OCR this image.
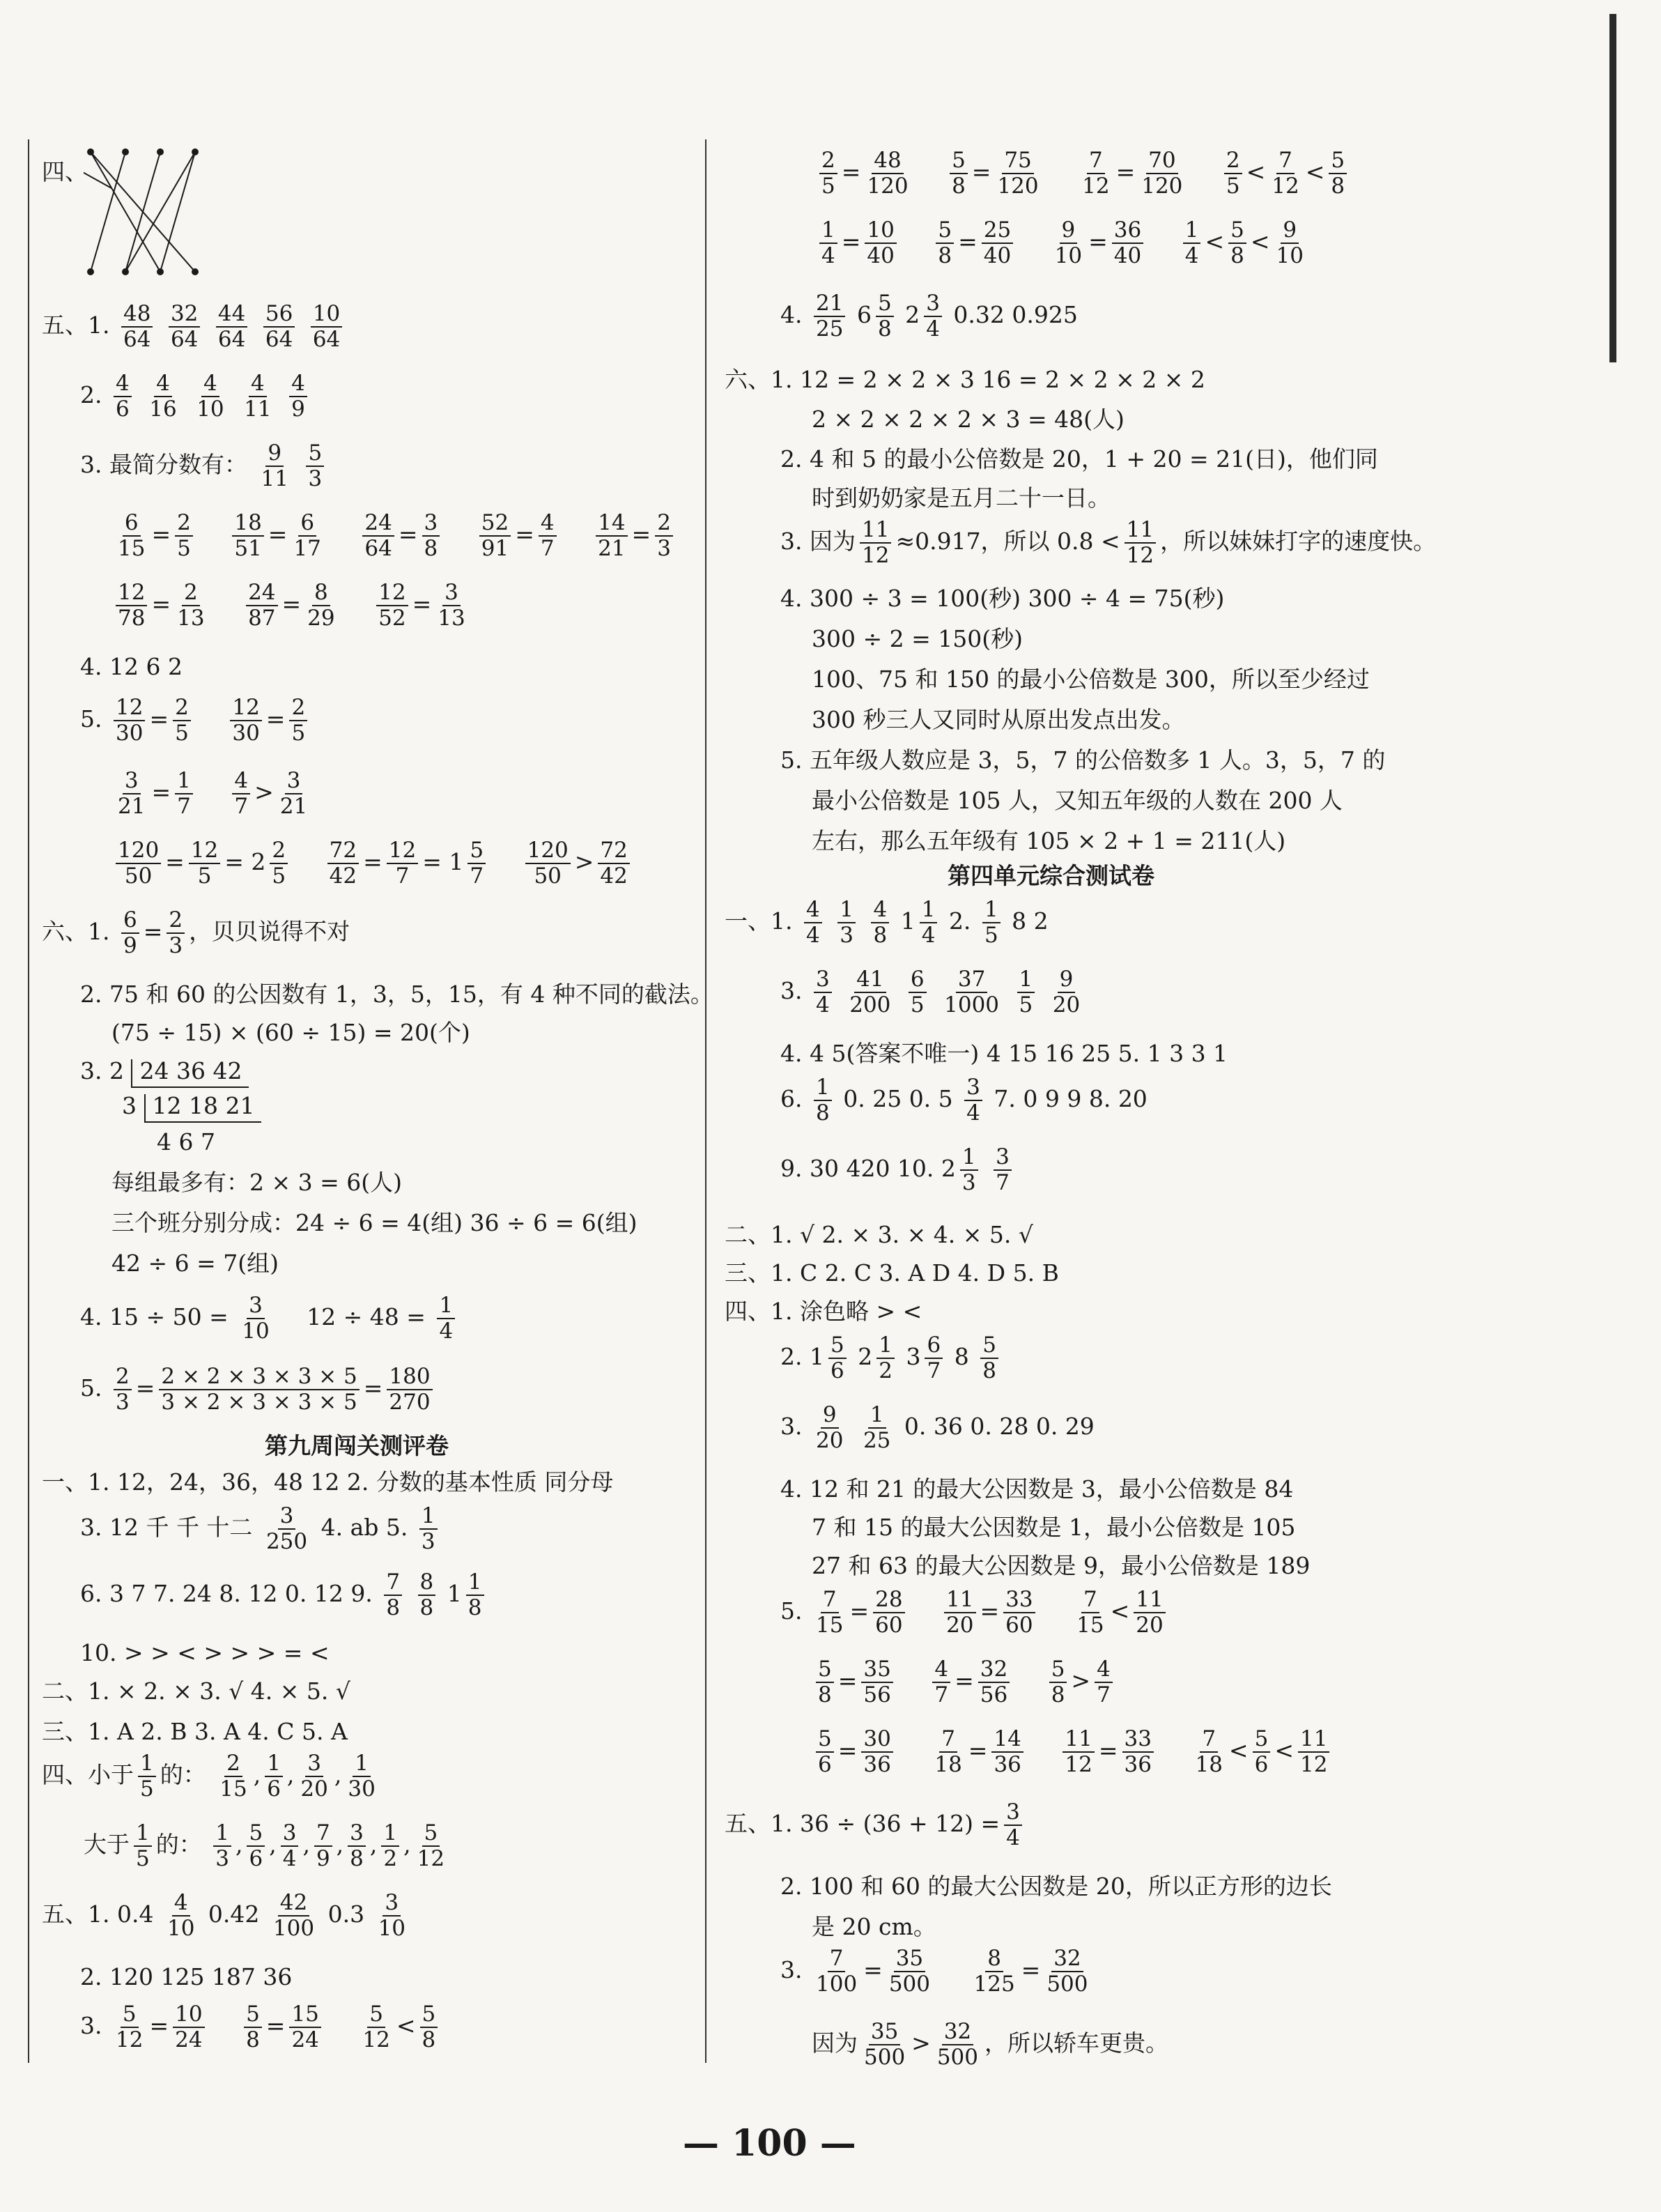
四、
五、1. $\frac{48}{64}$
$\frac{32}{64}$
$\frac{44}{64}$
$\frac{56}{64}$
$\frac{10}{64}$
2. $\frac{4}{6}$
$\frac{4}{16}$
$\frac{4}{10}$
$\frac{4}{11}$
$\frac{4}{9}$
3. 最简分数有： $\frac{9}{11}$
$\frac{5}{3}$
$\frac{6}{15} = \frac{2}{5}$
$\frac{18}{51} = \frac{6}{17}$
$\frac{24}{64} = \frac{3}{8}$
$\frac{52}{91} = \frac{4}{7}$
$\frac{14}{21} = \frac{2}{3}$
$\frac{12}{78} = \frac{2}{13}$
$\frac{24}{87} = \frac{8}{29}$
$\frac{12}{52} = \frac{3}{13}$
4. 12 6 2
5. $\frac{12}{30} = \frac{2}{5}$
$\frac{12}{30} = \frac{2}{5}$
$\frac{3}{21} = \frac{1}{7}$
$\frac{4}{7} > \frac{3}{21}$
$\frac{120}{50} = \frac{12}{5} = 2 \frac{2}{5}$
$\frac{72}{42} = \frac{12}{7} = 1 \frac{5}{7}$
$\frac{120}{50} > \frac{72}{42}$
六、1. $\frac{6}{9} = \frac{2}{3}$ ，贝贝说得不对
2. 75 和 60 的公因数有 1，3，5，15，有 4 种不同的截法。
(75 ÷ 15) × (60 ÷ 15) = 20(个)
3. 2 24 36 42
3 12 18 21
4 6 7
每组最多有：2 × 3 = 6(人)
三个班分别分成：24 ÷ 6 = 4(组) 36 ÷ 6 = 6(组)
42 ÷ 6 = 7(组)
4. $15 \div 50 = \frac{3}{10} 12 \div 48 = \frac{1}{4}$
5. $\frac{2}{3} = \frac{2 \times 2 \times 3 \times 3 \times 5}{3 \times 2 \times 3 \times 3 \times 5} = \frac{180}{270}$
第九周闯关测评卷
一、1. 12，24，36，48 12 2. 分数的基本性质 同分母
3. 12 千 千 十二 $\frac{3}{250} 4$. ab 5. $\frac{1}{3}$
6. 3 7 7. 24 8. 12 0. 12 9. $\frac{7}{8}$
$\frac{8}{8} 1 \frac{1}{8}$
10. > > < > > > = <
二、1. × 2. × 3. √ 4. × 5. √
三、1. A 2. B 3. A 4. C 5. A
四、小于 $\frac{1}{5}$ 的： $\frac{2}{15}$ , $\frac{1}{6}$ , $\frac{3}{20}$ , $\frac{1}{30}$
大于 $\frac{1}{5}$ 的： $\frac{1}{3}$ , $\frac{5}{6}$ , $\frac{3}{4}$ , $\frac{7}{9}$ , $\frac{3}{8}$ , $\frac{1}{2}$ , $\frac{5}{12}$
五、1. $0.4 \frac{4}{10} 0.42 \frac{42}{100} 0.3 \frac{3}{10}$
2. 120 125 187 36
3. $\frac{5}{12} = \frac{10}{24}$
$\frac{5}{8} = \frac{15}{24}$
$\frac{5}{12} < \frac{5}{8}$
$\frac{2}{5} = \frac{48}{120}$
$\frac{5}{8} = \frac{75}{120}$
$\frac{7}{12} = \frac{70}{120}$
$\frac{2}{5} < \frac{7}{12} < \frac{5}{8}$
$\frac{1}{4} = \frac{10}{40}$
$\frac{5}{8} = \frac{25}{40}$
$\frac{9}{10} = \frac{36}{40}$
$\frac{1}{4} < \frac{5}{8} < \frac{9}{10}$
4. $\frac{21}{25} 6 \frac{5}{8} 2 \frac{3}{4} 0.32$ 0.925
六、1. 12 = 2 × 2 × 3 16 = 2 × 2 × 2 × 2
2 × 2 × 2 × 2 × 3 = 48(人)
2. 4 和 5 的最小公倍数是 20，1 + 20 = 21(日)，他们同
时到奶奶家是五月二十一日。
3. 因为 $\frac{11}{12} \approx 0.917$，所以 $0.8 < \frac{11}{12}$ ，所以妹妹打字的速度快。
4. 300 ÷ 3 = 100(秒) 300 ÷ 4 = 75(秒)
300 ÷ 2 = 150(秒)
100、75 和 150 的最小公倍数是 300，所以至少经过
300 秒三人又同时从原出发点出发。
5. 五年级人数应是 3，5，7 的公倍数多 1 人。3，5，7 的
最小公倍数是 105 人，又知五年级的人数在 200 人
左右，那么五年级有 105 × 2 + 1 = 211(人)
第四单元综合测试卷
一、1. $\frac{4}{4}$
$\frac{1}{3}$
$\frac{4}{8} 1 \frac{1}{4} 2$. $\frac{1}{5} 8$ 2
3. $\frac{3}{4}$
$\frac{41}{200}$
$\frac{6}{5}$
$\frac{37}{1000}$
$\frac{1}{5}$
$\frac{9}{20}$
4. 4 5(答案不唯一) 4 15 16 25 5. 1 3 3 1
6. $\frac{1}{8} 0$. 25 0. $5 \frac{3}{4} 7$. 0 9 9 8. 20
9. 30 420 10. $2 \frac{1}{3}$
$\frac{3}{7}$
二、1. √ 2. × 3. × 4. × 5. √
三、1. C 2. C 3. A D 4. D 5. B
四、1. 涂色略 > <
2. $1 \frac{5}{6} 2 \frac{1}{2} 3 \frac{6}{7} 8 \frac{5}{8}$
3. $\frac{9}{20}$
$\frac{1}{25} 0$. 36 0. 28 0. 29
4. 12 和 21 的最大公因数是 3，最小公倍数是 84
7 和 15 的最大公因数是 1，最小公倍数是 105
27 和 63 的最大公因数是 9，最小公倍数是 189
5. $\frac{7}{15} = \frac{28}{60}$
$\frac{11}{20} = \frac{33}{60}$
$\frac{7}{15} < \frac{11}{20}$
$\frac{5}{8} = \frac{35}{56}$
$\frac{4}{7} = \frac{32}{56}$
$\frac{5}{8} > \frac{4}{7}$
$\frac{5}{6} = \frac{30}{36}$
$\frac{7}{18} = \frac{14}{36}$
$\frac{11}{12} = \frac{33}{36}$
$\frac{7}{18} < \frac{5}{6} < \frac{11}{12}$
五、1. $36 \div (36 + 12) = \frac{3}{4}$
2. 100 和 60 的最大公因数是 20，所以正方形的边长
是 20 cm。
3. $\frac{7}{100} = \frac{35}{500}$
$\frac{8}{125} = \frac{32}{500}$
因为 $\frac{35}{500} > \frac{32}{500}$ ，所以轿车更贵。
— 100 —
